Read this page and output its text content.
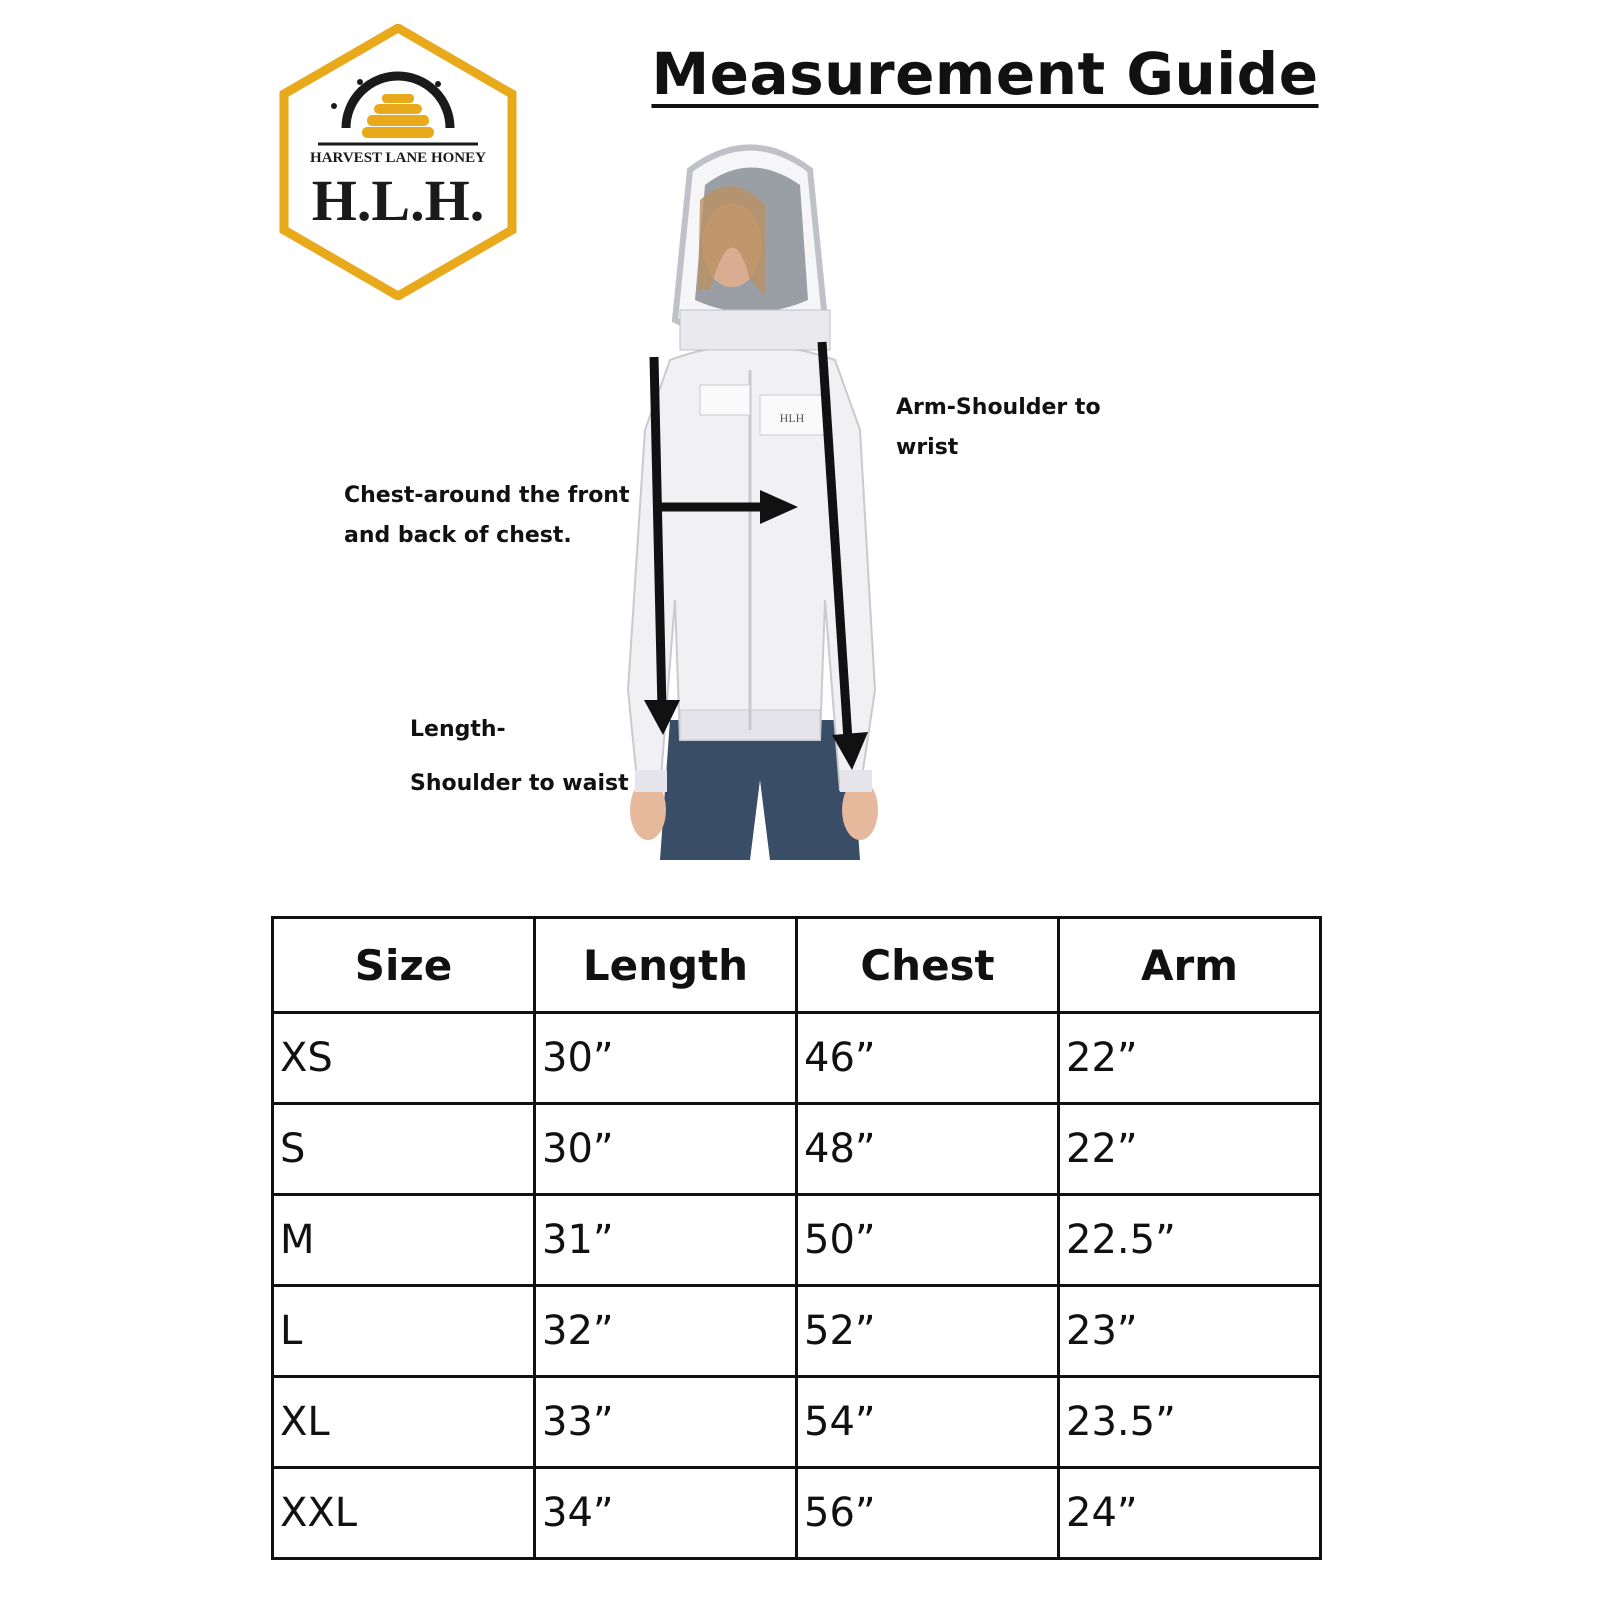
HARVEST LANE HONEY
H.L.H.
Measurement Guide
HLH	Arm-Shoulder to
wrist
Chest-around the front
and back of chest.
Length-
Shoulder to waist
Size	Length	Chest	Arm
XS	30”	46”	22”
S	30”	48”	22”
M	31”	50”	22.5”
L	32”	52”	23”
XL	33”	54”	23.5”
XXL	34”	56”	24”
